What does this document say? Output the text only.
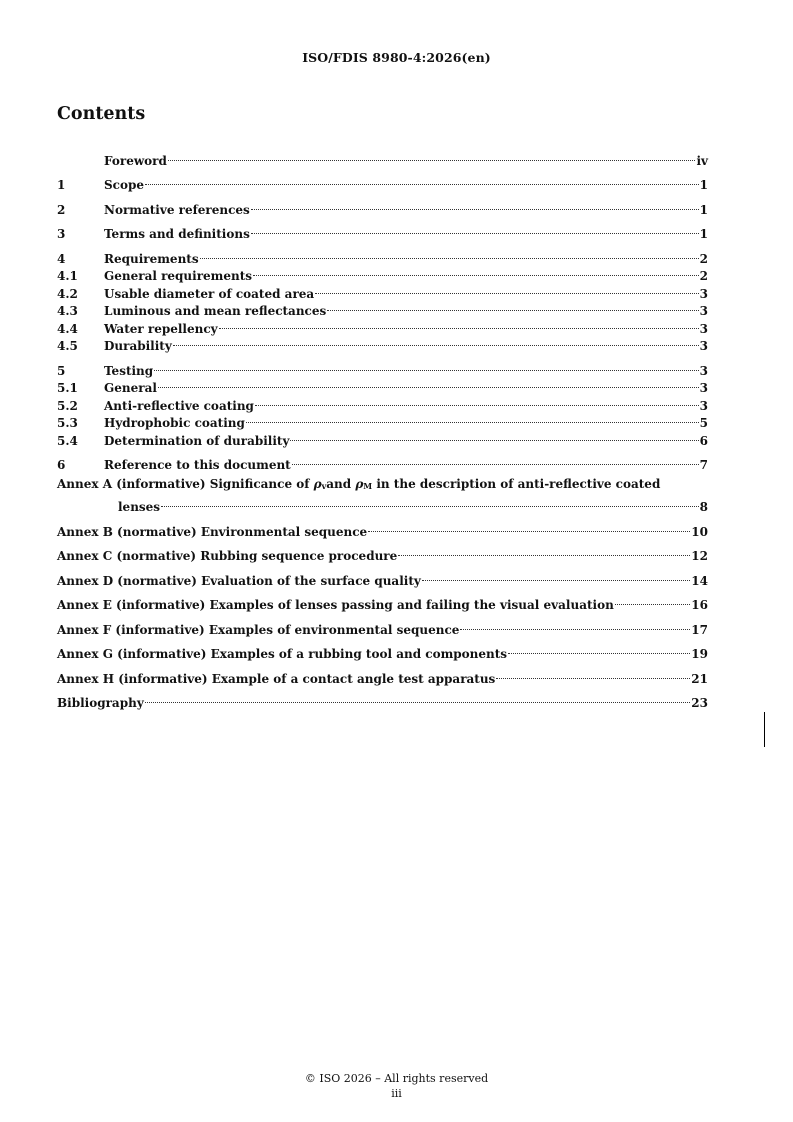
ISO/FDIS 8980-4:2026(en)
Contents
Foreword	iv
1	Scope	1
2	Normative references	1
3	Terms and definitions	1
4	Requirements	2
4.1	General requirements	2
4.2	Usable diameter of coated area	3
4.3	Luminous and mean reflectances	3
4.4	Water repellency	3
4.5	Durability	3
5	Testing	3
5.1	General	3
5.2	Anti-reflective coating	3
5.3	Hydrophobic coating	5
5.4	Determination of durability	6
6	Reference to this document	7
Annex A (informative) Significance of ρvand ρM in the description of anti-reflective coated
lenses	8
Annex B (normative) Environmental sequence	10
Annex C (normative) Rubbing sequence procedure	12
Annex D (normative) Evaluation of the surface quality	14
Annex E (informative) Examples of lenses passing and failing the visual evaluation	16
Annex F (informative) Examples of environmental sequence	17
Annex G (informative) Examples of a rubbing tool and components	19
Annex H (informative) Example of a contact angle test apparatus	21
Bibliography	23
© ISO 2026 – All rights reserved
iii
